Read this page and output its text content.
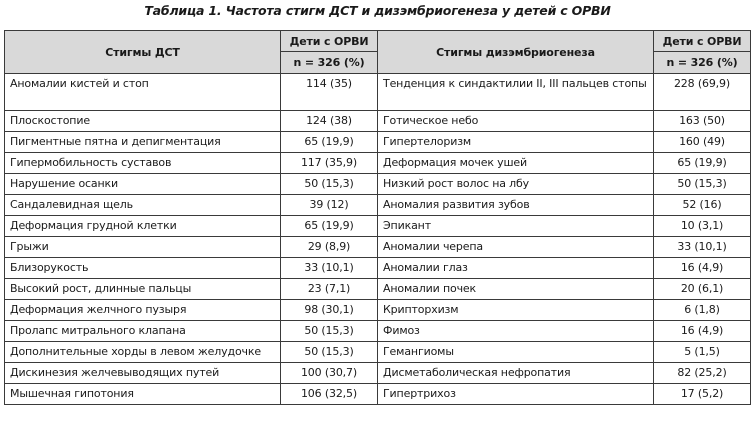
Таблица 1. Частота стигм ДСТ и дизэмбриогенеза у детей с ОРВИ
Стигмы ДСТ	Дети с ОРВИ	Стигмы дизэмбриогенеза	Дети с ОРВИ
	n = 326 (%)		n = 326 (%)
Аномалии кистей и стоп	114 (35)	Тенденция к синдактилии II, III пальцев стопы	228 (69,9)
Плоскостопие	124 (38)	Готическое небо	163 (50)
Пигментные пятна и депигментация	65 (19,9)	Гипертелоризм	160 (49)
Гипермобильность суставов	117 (35,9)	Деформация мочек ушей	65 (19,9)
Нарушение осанки	50 (15,3)	Низкий рост волос на лбу	50 (15,3)
Сандалевидная щель	39 (12)	Аномалия развития зубов	52 (16)
Деформация грудной клетки	65 (19,9)	Эпикант	10 (3,1)
Грыжи	29 (8,9)	Аномалии черепа	33 (10,1)
Близорукость	33 (10,1)	Аномалии глаз	16 (4,9)
Высокий рост, длинные пальцы	23 (7,1)	Аномалии почек	20 (6,1)
Деформация желчного пузыря	98 (30,1)	Крипторхизм	6 (1,8)
Пролапс митрального клапана	50 (15,3)	Фимоз	16 (4,9)
Дополнительные хорды в левом желудочке	50 (15,3)	Гемангиомы	5 (1,5)
Дискинезия желчевыводящих путей	100 (30,7)	Дисметаболическая нефропатия	82 (25,2)
Мышечная гипотония	106 (32,5)	Гипертрихоз	17 (5,2)
